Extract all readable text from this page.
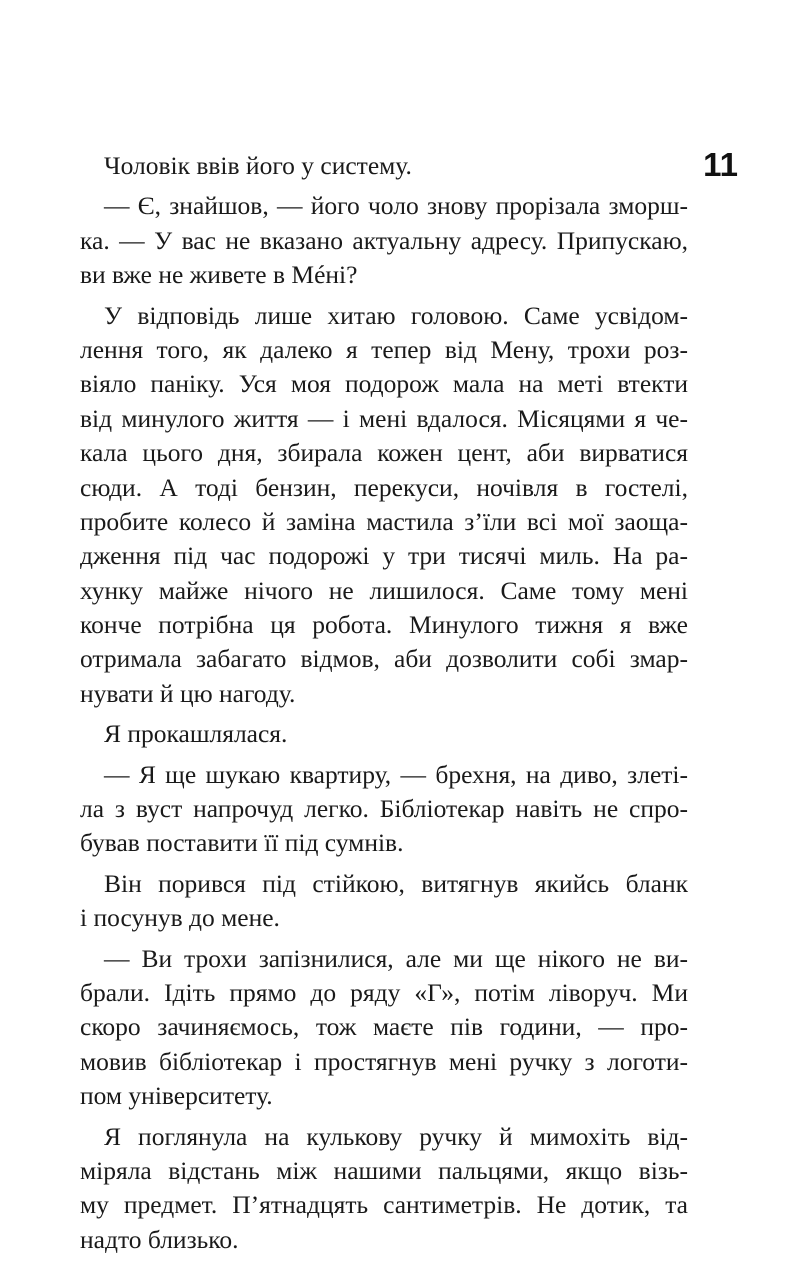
11
Чоловік ввів його у систему.
— Є, знайшов, — його чоло знову прорізала зморш-
ка. — У вас не вказано актуальну адресу. Припускаю,
ви вже не живете в Мéні?
У відповідь лише хитаю головою. Саме усвідом-
лення того, як далеко я тепер від Мену, трохи роз-
віяло паніку. Уся моя подорож мала на меті втекти
від минулого життя — і мені вдалося. Місяцями я че-
кала цього дня, збирала кожен цент, аби вирватися
сюди. А тоді бензин, перекуси, ночівля в гостелі,
пробите колесо й заміна мастила з’їли всі мої заоща-
дження під час подорожі у три тисячі миль. На ра-
хунку майже нічого не лишилося. Саме тому мені
конче потрібна ця робота. Минулого тижня я вже
отримала забагато відмов, аби дозволити собі змар-
нувати й цю нагоду.
Я прокашлялася.
— Я ще шукаю квартиру, — брехня, на диво, злеті-
ла з вуст напрочуд легко. Бібліотекар навіть не спро-
бував поставити її під сумнів.
Він порився під стійкою, витягнув якийсь бланк
і посунув до мене.
— Ви трохи запізнилися, але ми ще нікого не ви-
брали. Ідіть прямо до ряду «Г», потім ліворуч. Ми
скоро зачиняємось, тож маєте пів години, — про-
мовив бібліотекар і простягнув мені ручку з логоти-
пом університету.
Я поглянула на кулькову ручку й мимохіть від-
міряла відстань між нашими пальцями, якщо візь-
му предмет. П’ятнадцять сантиметрів. Не дотик, та
надто близько.
